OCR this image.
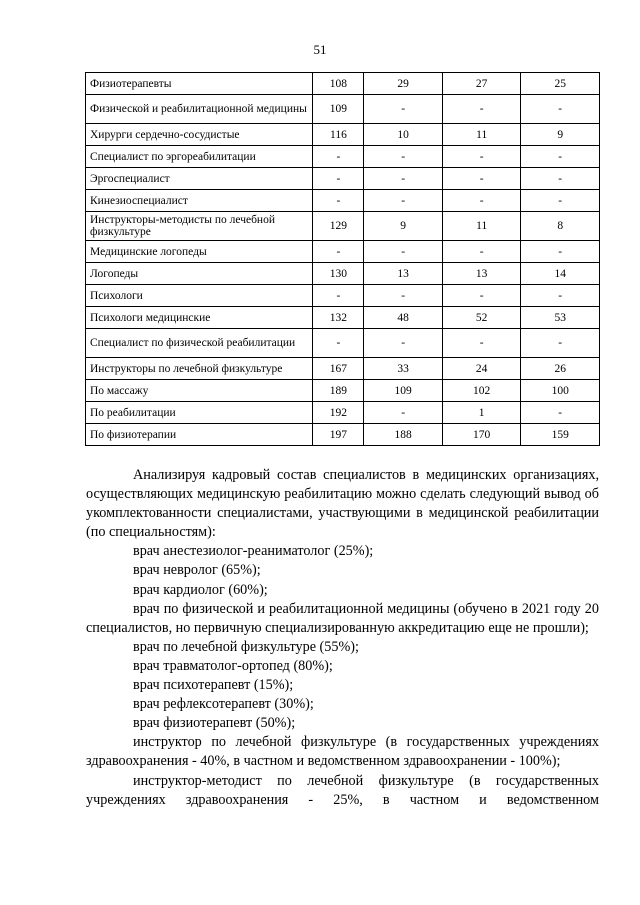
51
Физиотерапевты	108	29	27	25
Физической и реабилитационной медицины	109	-	-	-
Хирурги сердечно-сосудистые	116	10	11	9
Специалист по эргореабилитации	-	-	-	-
Эргоспециалист	-	-	-	-
Кинезиоспециалист	-	-	-	-
Инструкторы-методисты по лечебной физкультуре	129	9	11	8
Медицинские логопеды	-	-	-	-
Логопеды	130	13	13	14
Психологи	-	-	-	-
Психологи медицинские	132	48	52	53
Специалист по физической реабилитации	-	-	-	-
Инструкторы по лечебной физкультуре	167	33	24	26
По массажу	189	109	102	100
По реабилитации	192	-	1	-
По физиотерапии	197	188	170	159

Анализируя кадровый состав специалистов в медицинских организациях, осуществляющих медицинскую реабилитацию можно сделать следующий вывод об укомплектованности специалистами, участвующими в медицинской реабилитации (по специальностям):

врач анестезиолог-реаниматолог (25%);

врач невролог (65%);

врач кардиолог (60%);

врач по физической и реабилитационной медицины (обучено в 2021 году 20 специалистов, но первичную специализированную аккредитацию еще не прошли);

врач по лечебной физкультуре (55%);

врач травматолог-ортопед (80%);

врач психотерапевт (15%);

врач рефлексотерапевт (30%);

врач физиотерапевт (50%);

инструктор по лечебной физкультуре (в государственных учреждениях здравоохранения - 40%, в частном и ведомственном здравоохранении - 100%);

инструктор-методист по лечебной физкультуре (в государственных учреждениях здравоохранения - 25%, в частном и ведомственном
